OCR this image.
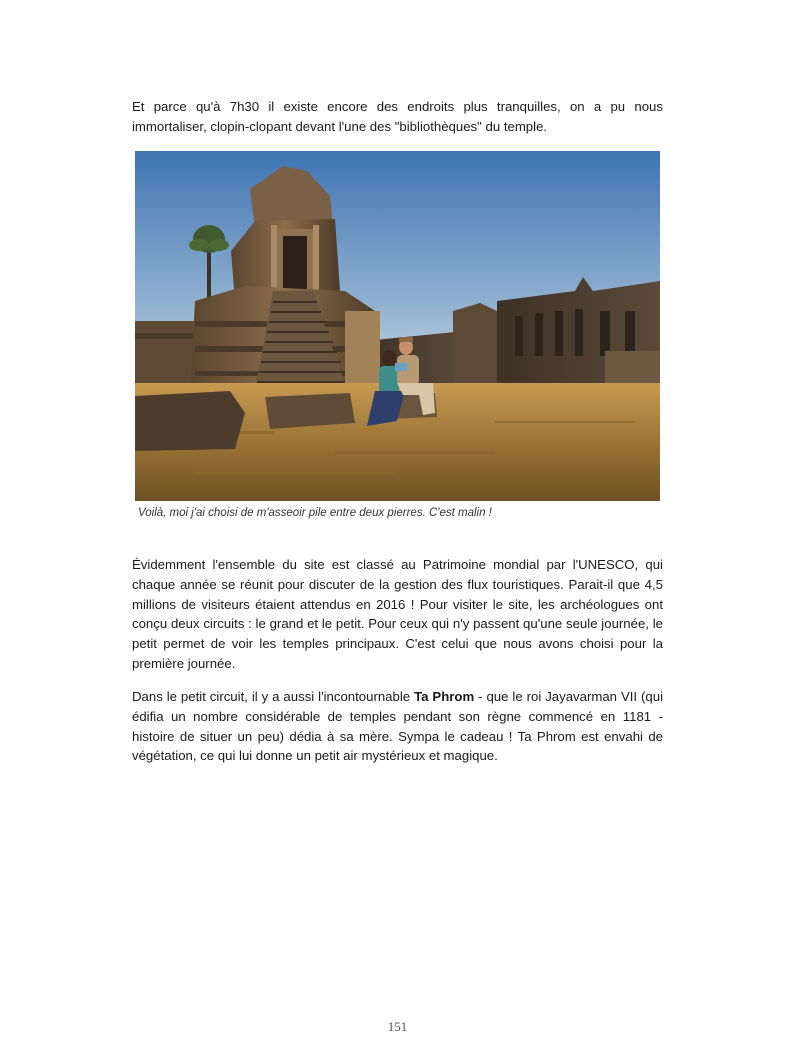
Et parce qu'à 7h30 il existe encore des endroits plus tranquilles, on a pu nous immortaliser, clopin-clopant devant l'une des "bibliothèques" du temple.

Voilà, moi j'ai choisi de m'asseoir pile entre deux pierres. C'est malin !

Évidemment l'ensemble du site est classé au Patrimoine mondial par l'UNESCO, qui chaque année se réunit pour discuter de la gestion des flux touristiques. Parait-il que 4,5 millions de visiteurs étaient attendus en 2016 ! Pour visiter le site, les archéologues ont conçu deux circuits : le grand et le petit. Pour ceux qui n'y passent qu'une seule journée, le petit permet de voir les temples principaux. C'est celui que nous avons choisi pour la première journée.

Dans le petit circuit, il y a aussi l'incontournable Ta Phrom - que le roi Jayavarman VII (qui édifia un nombre considérable de temples pendant son règne commencé en 1181 - histoire de situer un peu) dédia à sa mère. Sympa le cadeau ! Ta Phrom est envahi de végétation, ce qui lui donne un petit air mystérieux et magique.

151
